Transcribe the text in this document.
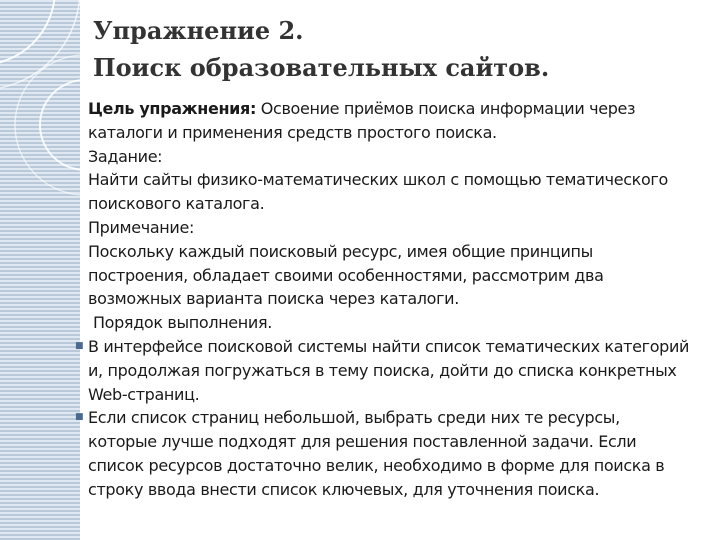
Упражнение 2.
Поиск образовательных сайтов.
Цель упражнения: Освоение приёмов поиска информации через
каталоги и применения средств простого поиска.
Задание:
Найти сайты физико-математических школ с помощью тематического
поискового каталога.
Примечание:
Поскольку каждый поисковый ресурс, имея общие принципы
построения, обладает своими особенностями, рассмотрим два
возможных варианта поиска через каталоги.
Порядок выполнения.
■ В интерфейсе поисковой системы найти список тематических категорий
и, продолжая погружаться в тему поиска, дойти до списка конкретных
Web-страниц.
■ Если список страниц небольшой, выбрать среди них те ресурсы,
которые лучше подходят для решения поставленной задачи. Если
список ресурсов достаточно велик, необходимо в форме для поиска в
строку ввода внести список ключевых, для уточнения поиска.
